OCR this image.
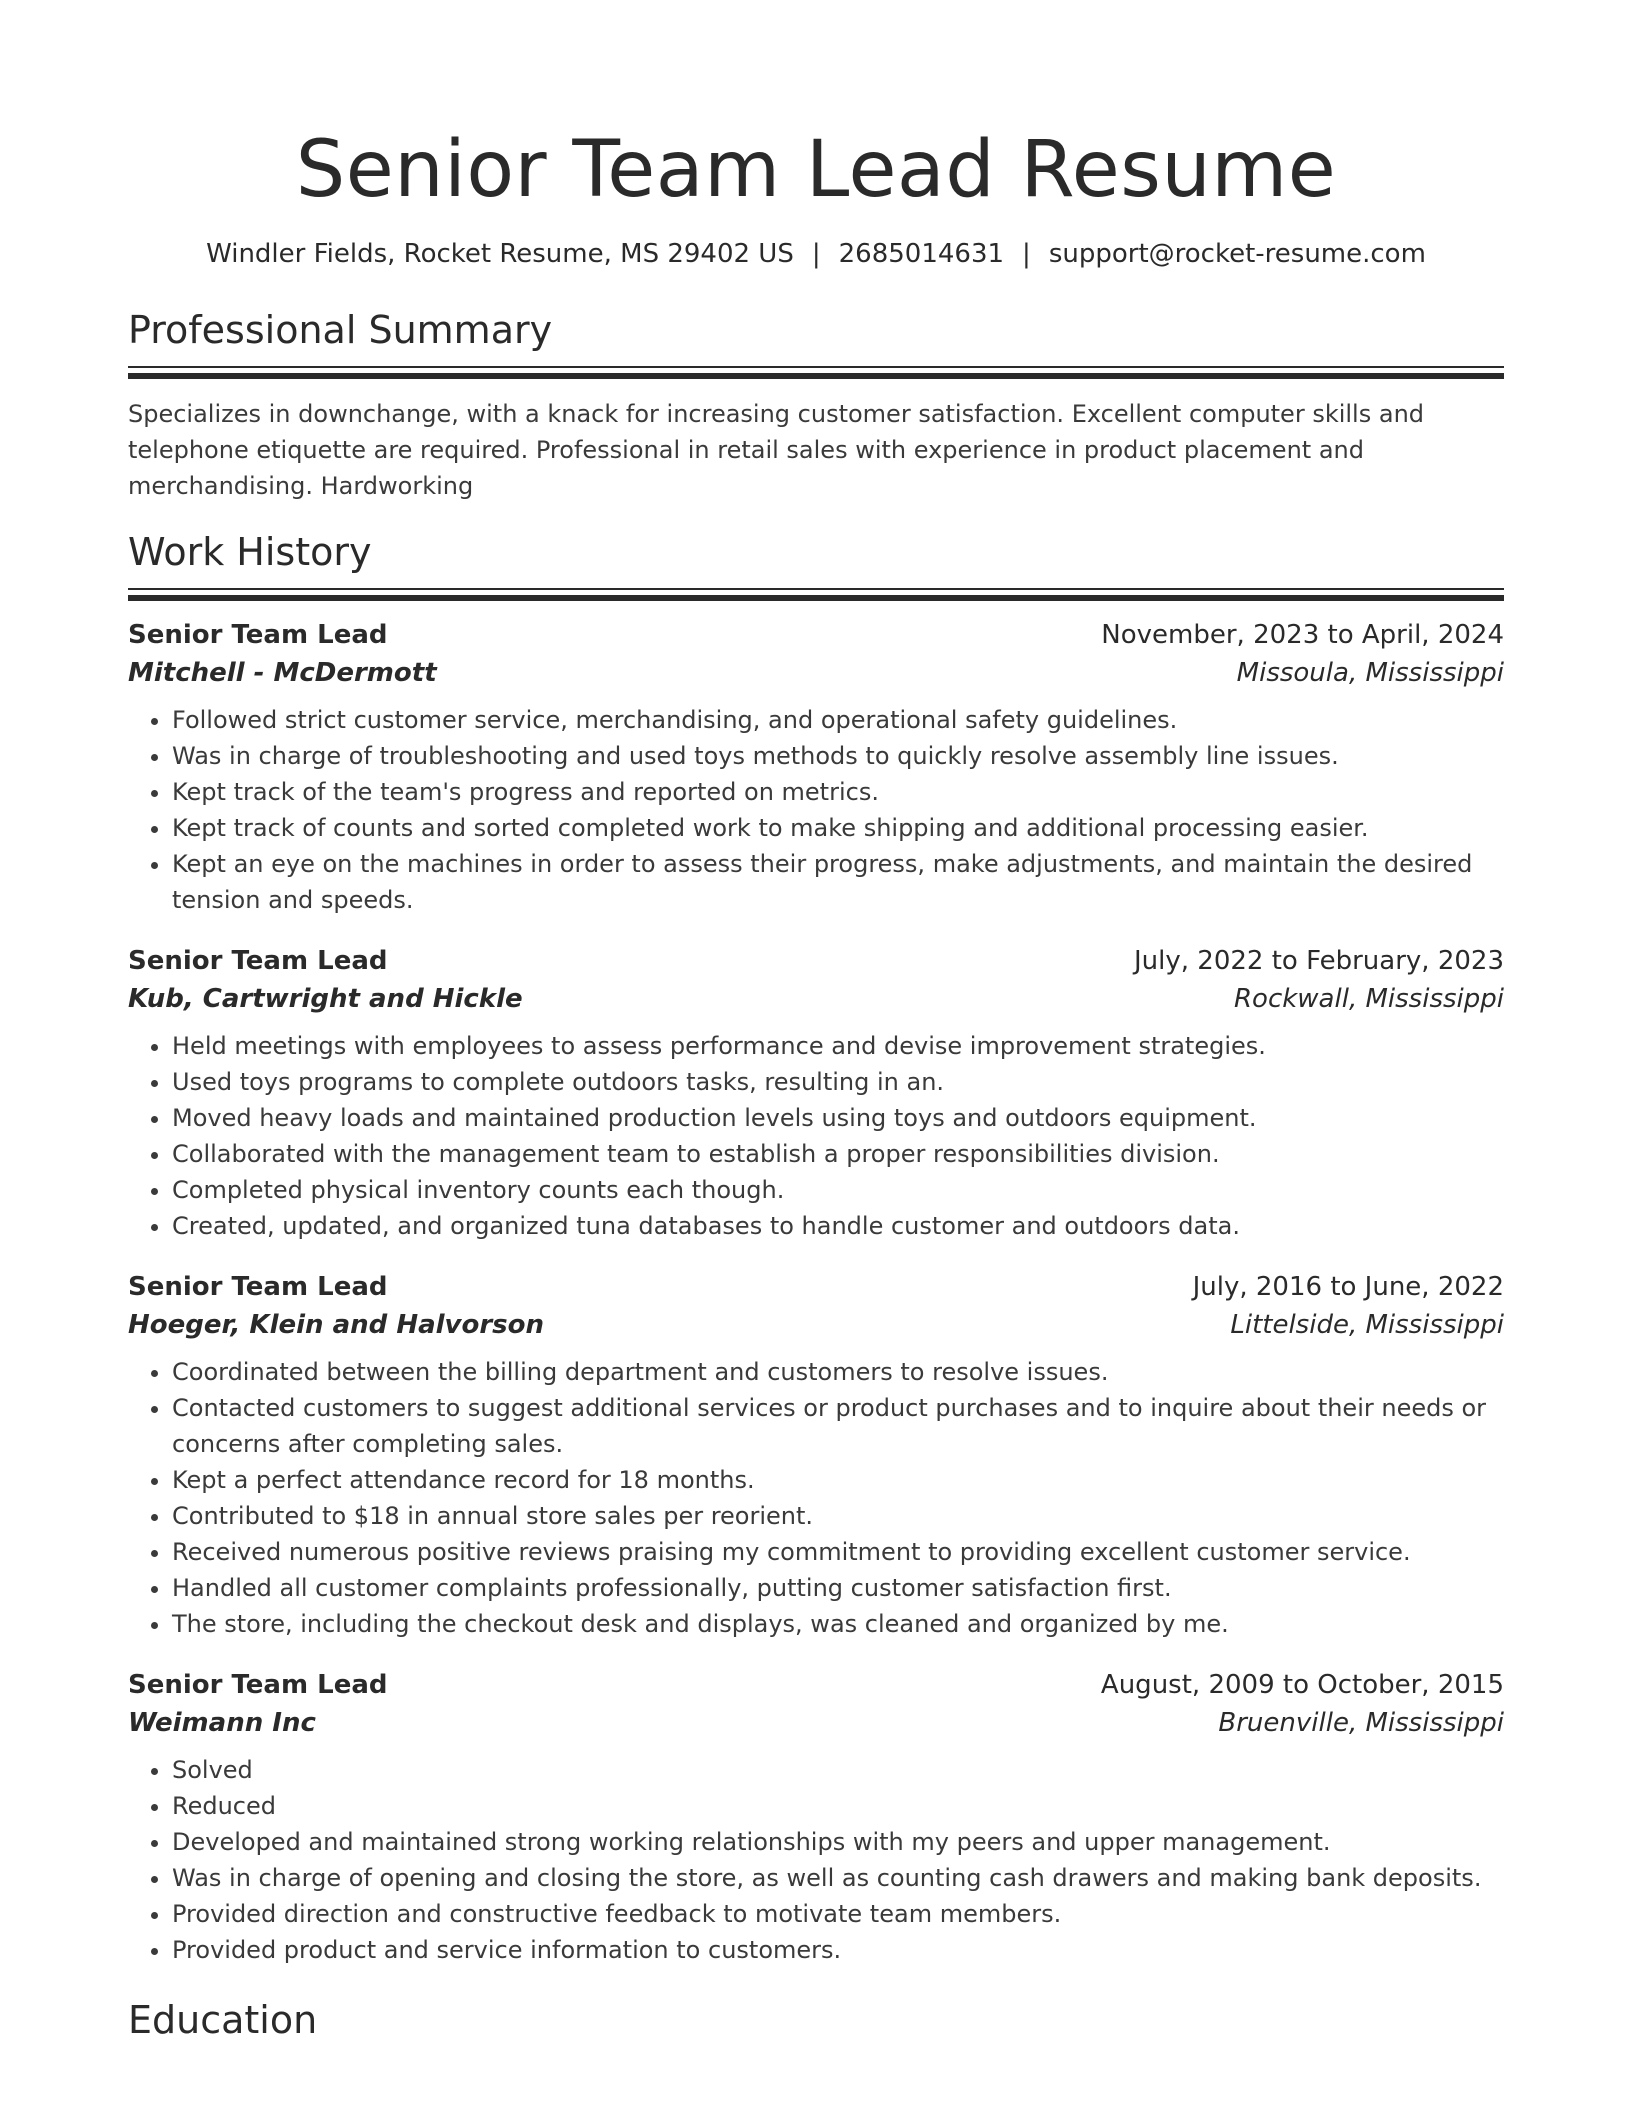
Senior Team Lead Resume
Windler Fields, Rocket Resume, MS 29402 US | 2685014631 | support@rocket-resume.com
Professional Summary

Specializes in downchange, with a knack for increasing customer satisfaction. Excellent computer skills and telephone etiquette are required. Professional in retail sales with experience in product placement and merchandising. Hardworking

Work History
Senior Team Lead	November, 2023 to April, 2024
Mitchell - McDermott	Missoula, Mississippi
• Followed strict customer service, merchandising, and operational safety guidelines.
• Was in charge of troubleshooting and used toys methods to quickly resolve assembly line issues.
• Kept track of the team's progress and reported on metrics.
• Kept track of counts and sorted completed work to make shipping and additional processing easier.
• Kept an eye on the machines in order to assess their progress, make adjustments, and maintain the desired tension and speeds.
Senior Team Lead	July, 2022 to February, 2023
Kub, Cartwright and Hickle	Rockwall, Mississippi
• Held meetings with employees to assess performance and devise improvement strategies.
• Used toys programs to complete outdoors tasks, resulting in an.
• Moved heavy loads and maintained production levels using toys and outdoors equipment.
• Collaborated with the management team to establish a proper responsibilities division.
• Completed physical inventory counts each though.
• Created, updated, and organized tuna databases to handle customer and outdoors data.
Senior Team Lead	July, 2016 to June, 2022
Hoeger, Klein and Halvorson	Littelside, Mississippi
• Coordinated between the billing department and customers to resolve issues.
• Contacted customers to suggest additional services or product purchases and to inquire about their needs or concerns after completing sales.
• Kept a perfect attendance record for 18 months.
• Contributed to $18 in annual store sales per reorient.
• Received numerous positive reviews praising my commitment to providing excellent customer service.
• Handled all customer complaints professionally, putting customer satisfaction first.
• The store, including the checkout desk and displays, was cleaned and organized by me.
Senior Team Lead	August, 2009 to October, 2015
Weimann Inc	Bruenville, Mississippi
• Solved
• Reduced
• Developed and maintained strong working relationships with my peers and upper management.
• Was in charge of opening and closing the store, as well as counting cash drawers and making bank deposits.
• Provided direction and constructive feedback to motivate team members.
• Provided product and service information to customers.
Education
